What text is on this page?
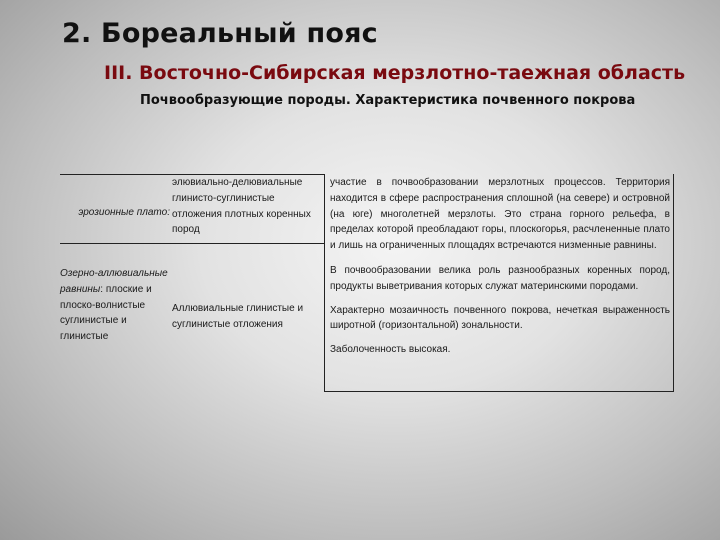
2. Бореальный пояс
III. Восточно-Сибирская мерзлотно-таежная область
Почвообразующие породы. Характеристика почвенного покрова
эрозионные плато:
элювиально-делювиальные глинисто-суглинистые отложения плотных коренных пород
Озерно-аллювиальные равнины: плоские и плоско-волнистые суглинистые и глинистые
Аллювиальные глинистые и суглинистые отложения
участие в почвообразовании мерзлотных процессов. Территория находится в сфере распространения сплошной (на севере) и островной (на юге) многолетней мерзлоты. Это страна горного рельефа, в пределах которой преобладают горы, плоскогорья, расчлененные плато и лишь на ограниченных площадях встречаются низменные равнины.
В почвообразовании велика роль разнообразных коренных пород, продукты выветривания которых служат материнскими породами.
Характерно мозаичность почвенного покрова, нечеткая выраженность широтной (горизонтальной) зональности.
Заболоченность высокая.
